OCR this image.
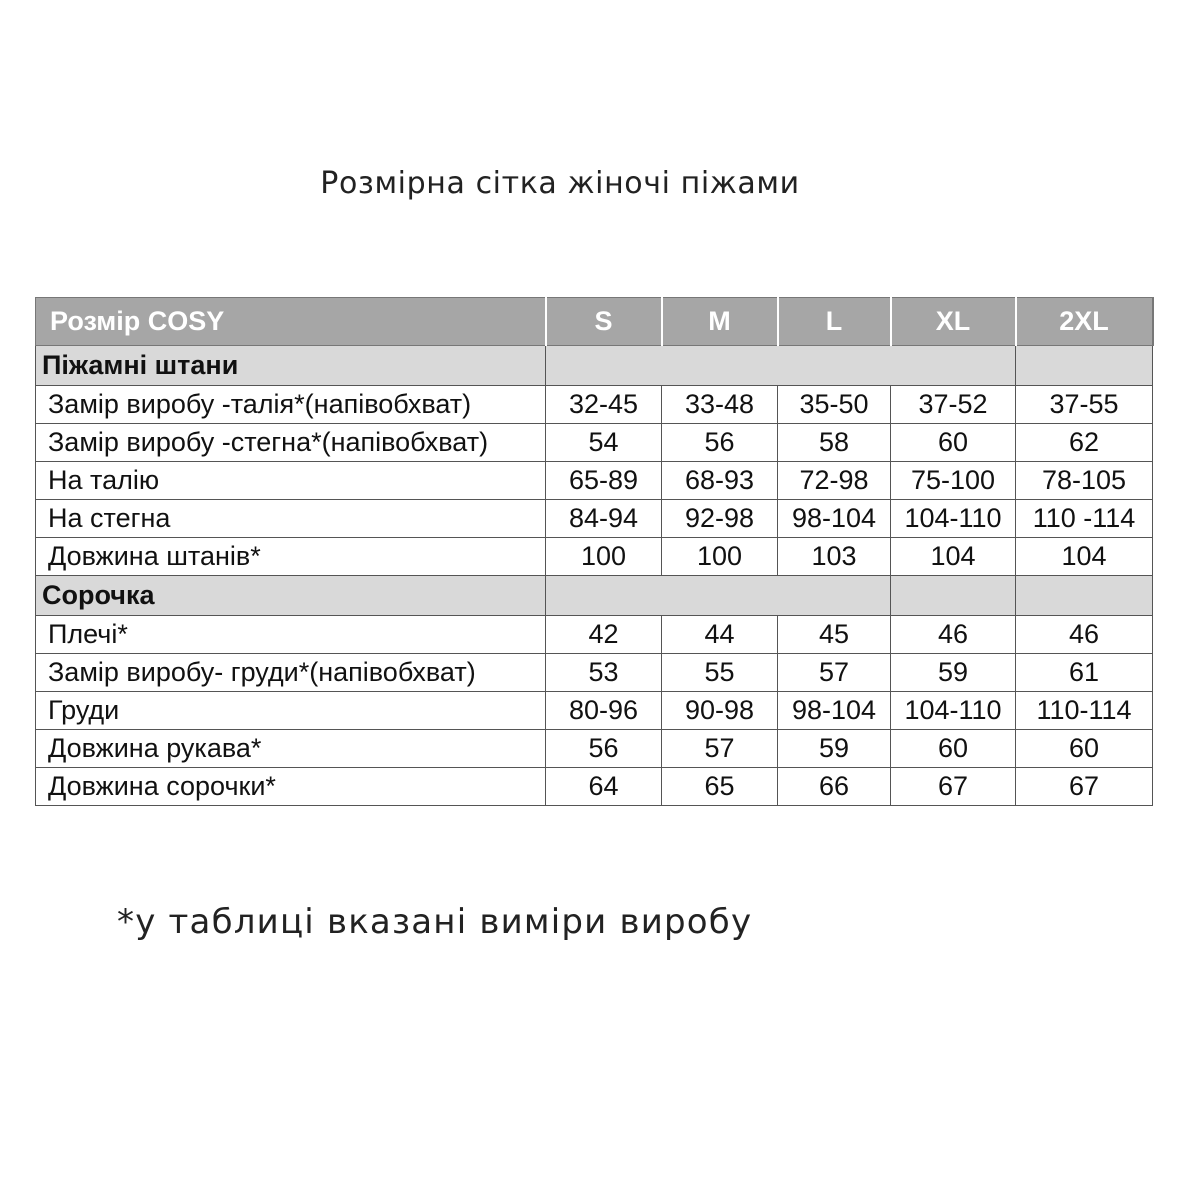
Розмірна сітка жіночі піжами
Розмір COSY	S	M	L	XL	2XL
Піжамні штани					
Замір виробу -талія*(напівобхват)	32-45	33-48	35-50	37-52	37-55
Замір виробу -стегна*(напівобхват)	54	56	58	60	62
На талію	65-89	68-93	72-98	75-100	78-105
На стегна	84-94	92-98	98-104	104-110	110 -114
Довжина штанів*	100	100	103	104	104
Сорочка					
Плечі*	42	44	45	46	46
Замір виробу- груди*(напівобхват)	53	55	57	59	61
Груди	80-96	90-98	98-104	104-110	110-114
Довжина рукава*	56	57	59	60	60
Довжина сорочки*	64	65	66	67	67
*у таблиці вказані виміри виробу
